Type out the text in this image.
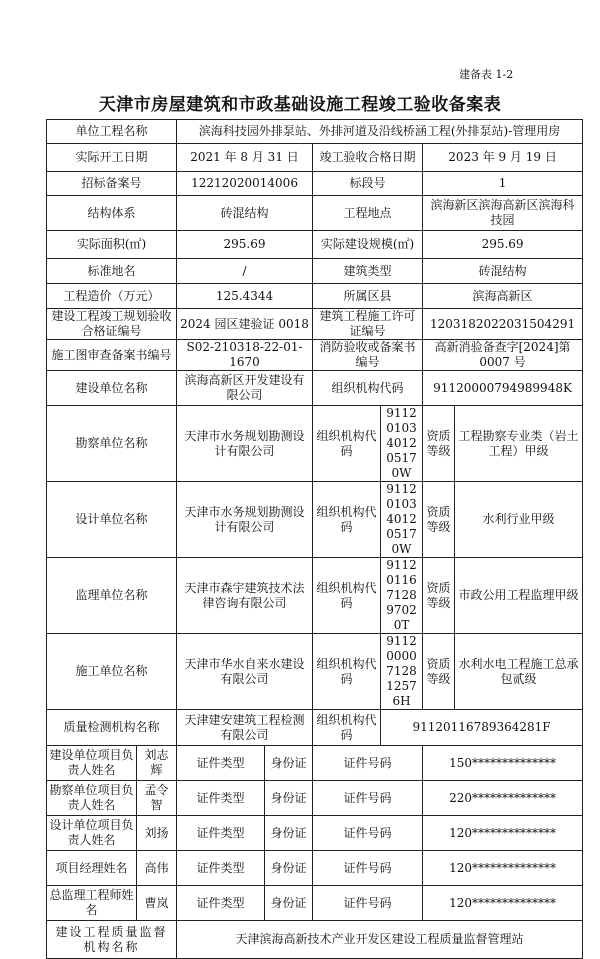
建备表 1-2
天津市房屋建筑和市政基础设施工程竣工验收备案表
单位工程名称		滨海科技园外排泵站、外排河道及沿线桥涵工程(外排泵站)-管理用房					
实际开工日期		2021 年 8 月 31 日		竣工验收合格日期		2023 年 9 月 19 日	
招标备案号		12212020014006		标段号		1	
结构体系		砖混结构		工程地点		滨海新区滨海高新区滨海科技园	
实际面积(㎡)		295.69		实际建设规模(㎡)		295.69	
标准地名		/		建筑类型		砖混结构	
工程造价（万元）		125.4344		所属区县		滨海高新区	
建设工程竣工规划验收合格证编号		2024 园区建验证 0018		建筑工程施工许可证编号		120318202203150429​1	
施工图审查备案书编号		S02-210318-22-01-1670		消防验收或备案书编号		高新消验备查字[2024]第 0007 号	
建设单位名称		滨海高新区开发建设有限公司		组织机构代码		91120000794989948K	
勘察单位名称		天津市水务规划勘测设计有限公司		组织机构代码	91120103401205170W	资质等级	工程勘察专业类（岩土工程）甲级
设计单位名称		天津市水务规划勘测设计有限公司		组织机构代码	91120103401205170W	资质等级	水利行业甲级
监理单位名称		天津市森宇建筑技术法律咨询有限公司		组织机构代码	91120116712897020T	资质等级	市政公用工程监理甲级
施工单位名称		天津市华水自来水建设有限公司		组织机构代码	91120000712812576H	资质等级	水利水电工程施工总承包贰级
质量检测机构名称		天津建安建筑工程检测有限公司		组织机构代码	91120116789364281F		
建设单位项目负责人姓名	刘志辉	证件类型	身份证	证件号码		150**************	
勘察单位项目负责人姓名	孟令智	证件类型	身份证	证件号码		220**************	
设计单位项目负责人姓名	刘扬	证件类型	身份证	证件号码		120**************	
项目经理姓名	高伟	证件类型	身份证	证件号码		120**************	
总监理工程师姓名	曹岚	证件类型	身份证	证件号码		120**************	
建设工程质量监督机构名称		天津滨海高新技术产业开发区建设工程质量监督管理站					
